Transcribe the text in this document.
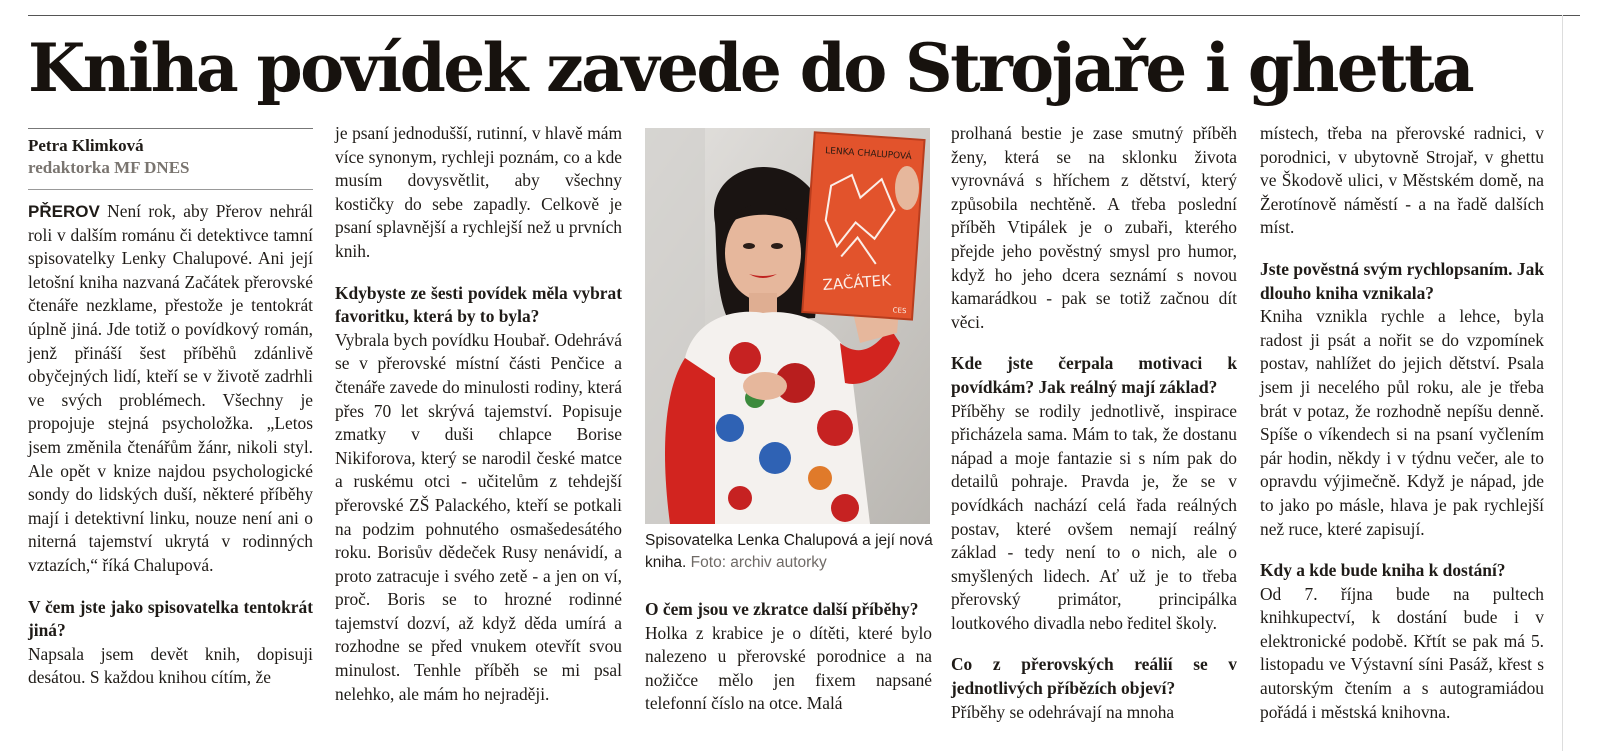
Kniha povídek zavede do Strojaře i ghetta
Petra Klimková
redaktorka MF DNES

PŘEROV Není rok, aby Přerov nehrál roli v dalším románu či detektivce tamní spisovatelky Lenky Chalupové. Ani její letošní kniha nazvaná Začátek přerovské čtenáře nezklame, přestože je tentokrát úplně jiná. Jde totiž o povídkový román, jenž přináší šest příběhů zdánlivě obyčejných lidí, kteří se v životě zadrhli ve svých problémech. Všechny je propojuje stejná psycholožka. „Letos jsem změnila čtenářům žánr, nikoli styl. Ale opět v knize najdou psychologické sondy do lidských duší, některé příběhy mají i detektivní linku, nouze není ani o niterná tajemství ukrytá v rodinných vztazích,“ říká Chalupová.

V čem jste jako spisovatelka tentokrát jiná?

Napsala jsem devět knih, dopisuji desátou. S každou knihou cítím, že

je psaní jednodušší, rutinní, v hlavě mám více synonym, rychleji poznám, co a kde musím dovysvětlit, aby všechny kostičky do sebe zapadly. Celkově je psaní splavnější a rychlejší než u prvních knih.

Kdybyste ze šesti povídek měla vybrat favoritku, která by to byla?

Vybrala bych povídku Houbař. Odehrává se v přerovské místní části Penčice a čtenáře zavede do minulosti rodiny, která přes 70 let skrývá tajemství. Popisuje zmatky v duši chlapce Borise Nikiforova, který se narodil české matce a ruskému otci - učitelům z tehdejší přerovské ZŠ Palackého, kteří se potkali na podzim pohnutého osmašedesátého roku. Borisův dědeček Rusy nenávidí, a proto zatracuje i svého zetě - a jen on ví, proč. Boris se to hrozné rodinné tajemství dozví, až když děda umírá a rozhodne se před vnukem otevřít svou minulost. Tenhle příběh se mi psal nelehko, ale mám ho nejraději.

LENKA CHALUPOVÁ
ZAČÁTEK
CES
Spisovatelka Lenka Chalupová a její nová kniha. Foto: archiv autorky

O čem jsou ve zkratce další příběhy?

Holka z krabice je o dítěti, které bylo nalezeno u přerovské porodnice a na nožičce mělo jen fixem napsané telefonní číslo na otce. Malá

prolhaná bestie je zase smutný příběh ženy, která se na sklonku života vyrovnává s hříchem z dětství, který způsobila nechtěně. A třeba poslední příběh Vtipálek je o zubaři, kterého přejde jeho pověstný smysl pro humor, když ho jeho dcera seznámí s novou kamarádkou - pak se totiž začnou dít věci.

Kde jste čerpala motivaci k povídkám? Jak reálný mají základ?

Příběhy se rodily jednotlivě, inspirace přicházela sama. Mám to tak, že dostanu nápad a moje fantazie si s ním pak do detailů pohraje. Pravda je, že se v povídkách nachází celá řada reálných postav, které ovšem nemají reálný základ - tedy není to o nich, ale o smyšlených lidech. Ať už je to třeba přerovský primátor, principálka loutkového divadla nebo ředitel školy.

Co z přerovských reálií se v jednotlivých příbězích objeví?

Příběhy se odehrávají na mnoha

místech, třeba na přerovské radnici, v porodnici, v ubytovně Strojař, v ghettu ve Škodově ulici, v Městském domě, na Žerotínově náměstí - a na řadě dalších míst.

Jste pověstná svým rychlopsaním. Jak dlouho kniha vznikala?

Kniha vznikla rychle a lehce, byla radost ji psát a nořit se do vzpomínek postav, nahlížet do jejich dětství. Psala jsem ji necelého půl roku, ale je třeba brát v potaz, že rozhodně nepíšu denně. Spíše o víkendech si na psaní vyčlením pár hodin, někdy i v týdnu večer, ale to opravdu výjimečně. Když je nápad, jde to jako po másle, hlava je pak rychlejší než ruce, které zapisují.

Kdy a kde bude kniha k dostání?

Od 7. října bude na pultech knihkupectví, k dostání bude i v elektronické podobě. Křtít se pak má 5. listopadu ve Výstavní síni Pasáž, křest s autorským čtením a s autogramiádou pořádá i městská knihovna.
